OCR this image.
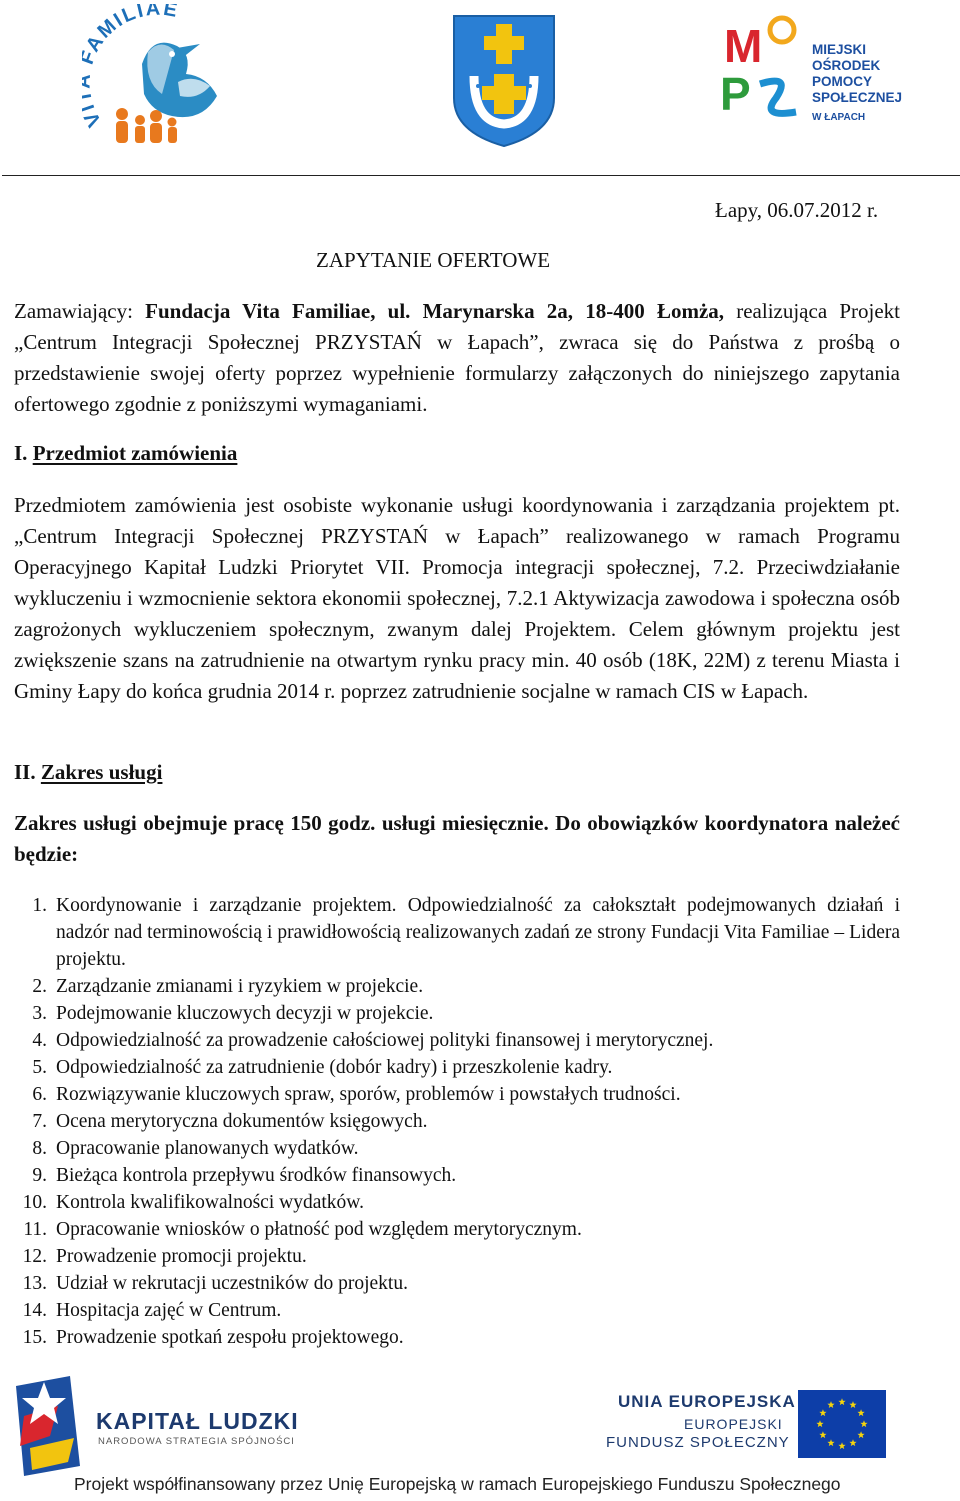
V AMILIAE
M
P
MIEJSKI
OŚRODEK
POMOCY
SPOŁECZNEJ
W ŁAPACH
Łapy, 06.07.2012 r.
ZAPYTANIE OFERTOWE
Zamawiający: Fundacja Vita Familiae, ul. Marynarska 2a, 18-400 Łomża, realizująca Projekt „Centrum Integracji Społecznej PRZYSTAŃ w Łapach”, zwraca się do Państwa z prośbą o przedstawienie swojej oferty poprzez wypełnienie formularzy załączonych do niniejszego zapytania ofertowego zgodnie z poniższymi wymaganiami.
I. Przedmiot zamówienia
Przedmiotem zamówienia jest osobiste wykonanie usługi koordynowania i zarządzania projektem pt. „Centrum Integracji Społecznej PRZYSTAŃ w Łapach” realizowanego w ramach Programu Operacyjnego Kapitał Ludzki Priorytet VII. Promocja integracji społecznej, 7.2. Przeciwdziałanie wykluczeniu i wzmocnienie sektora ekonomii społecznej, 7.2.1 Aktywizacja zawodowa i społeczna osób zagrożonych wykluczeniem społecznym, zwanym dalej Projektem. Celem głównym projektu jest zwiększenie szans na zatrudnienie na otwartym rynku pracy min. 40 osób (18K, 22M) z terenu Miasta i Gminy Łapy do końca grudnia 2014 r. poprzez zatrudnienie socjalne w ramach CIS w Łapach.
II. Zakres usługi
Zakres usługi obejmuje pracę 150 godz. usługi miesięcznie. Do obowiązków koordynatora należeć będzie:
1. Koordynowanie i zarządzanie projektem. Odpowiedzialność za całokształt podejmowanych działań i nadzór nad terminowością i prawidłowością realizowanych zadań ze strony Fundacji Vita Familiae – Lidera projektu.
2. Zarządzanie zmianami i ryzykiem w projekcie.
3. Podejmowanie kluczowych decyzji w projekcie.
4. Odpowiedzialność za prowadzenie całościowej polityki finansowej i merytorycznej.
5. Odpowiedzialność za zatrudnienie (dobór kadry) i przeszkolenie kadry.
6. Rozwiązywanie kluczowych spraw, sporów, problemów i powstałych trudności.
7. Ocena merytoryczna dokumentów księgowych.
8. Opracowanie planowanych wydatków.
9. Bieżąca kontrola przepływu środków finansowych.
10. Kontrola kwalifikowalności wydatków.
11. Opracowanie wniosków o płatność pod względem merytorycznym.
12. Prowadzenie promocji projektu.
13. Udział w rekrutacji uczestników do projektu.
14. Hospitacja zajęć w Centrum.
15. Prowadzenie spotkań zespołu projektowego.
KAPITAŁ LUDZKI
NARODOWA STRATEGIA SPÓJNOŚCI
UNIA EUROPEJSKA
EUROPEJSKI
FUNDUSZ SPOŁECZNY
Projekt współfinansowany przez Unię Europejską w ramach Europejskiego Funduszu Społecznego
